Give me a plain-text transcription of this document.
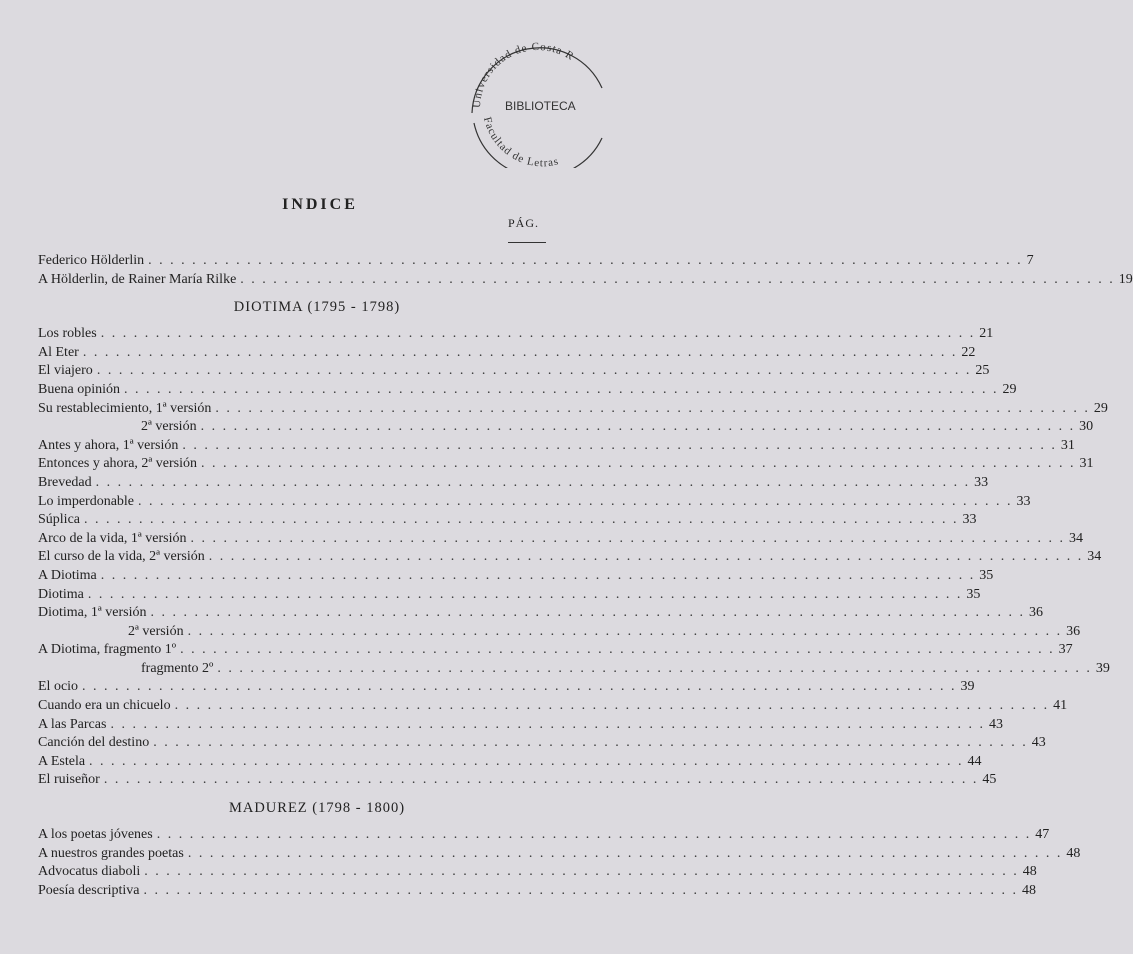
Universidad de Costa R
BIBLIOTECA
Facultad de Letras
INDICE
PÁG.
Federico Hölderlin . . . . . . . . . . . . . . . . . . . . . . . . . . . . . . . . . . . . . . . . . . . . . . . . . . . . . . . . . . . . . . . . . . . . . . . . . . . . . . . . 7
A Hölderlin, de Rainer María Rilke . . . . . . . . . . . . . . . . . . . . . . . . . . . . . . . . . . . . . . . . . . . . . . . . . . . . . . . . . . . . . . . . . . . . . . . . . . . . . . . . 19
DIOTIMA (1795 - 1798)
Los robles . . . . . . . . . . . . . . . . . . . . . . . . . . . . . . . . . . . . . . . . . . . . . . . . . . . . . . . . . . . . . . . . . . . . . . . . . . . . . . . . 21
Al Eter . . . . . . . . . . . . . . . . . . . . . . . . . . . . . . . . . . . . . . . . . . . . . . . . . . . . . . . . . . . . . . . . . . . . . . . . . . . . . . . . 22
El viajero . . . . . . . . . . . . . . . . . . . . . . . . . . . . . . . . . . . . . . . . . . . . . . . . . . . . . . . . . . . . . . . . . . . . . . . . . . . . . . . . 25
Buena opinión . . . . . . . . . . . . . . . . . . . . . . . . . . . . . . . . . . . . . . . . . . . . . . . . . . . . . . . . . . . . . . . . . . . . . . . . . . . . . . . . 29
Su restablecimiento, 1ª versión . . . . . . . . . . . . . . . . . . . . . . . . . . . . . . . . . . . . . . . . . . . . . . . . . . . . . . . . . . . . . . . . . . . . . . . . . . . . . . . . 29
2ª versión . . . . . . . . . . . . . . . . . . . . . . . . . . . . . . . . . . . . . . . . . . . . . . . . . . . . . . . . . . . . . . . . . . . . . . . . . . . . . . . . 30
Antes y ahora, 1ª versión . . . . . . . . . . . . . . . . . . . . . . . . . . . . . . . . . . . . . . . . . . . . . . . . . . . . . . . . . . . . . . . . . . . . . . . . . . . . . . . . 31
Entonces y ahora, 2ª versión . . . . . . . . . . . . . . . . . . . . . . . . . . . . . . . . . . . . . . . . . . . . . . . . . . . . . . . . . . . . . . . . . . . . . . . . . . . . . . . . 31
Brevedad . . . . . . . . . . . . . . . . . . . . . . . . . . . . . . . . . . . . . . . . . . . . . . . . . . . . . . . . . . . . . . . . . . . . . . . . . . . . . . . . 33
Lo imperdonable . . . . . . . . . . . . . . . . . . . . . . . . . . . . . . . . . . . . . . . . . . . . . . . . . . . . . . . . . . . . . . . . . . . . . . . . . . . . . . . . 33
Súplica . . . . . . . . . . . . . . . . . . . . . . . . . . . . . . . . . . . . . . . . . . . . . . . . . . . . . . . . . . . . . . . . . . . . . . . . . . . . . . . . 33
Arco de la vida, 1ª versión . . . . . . . . . . . . . . . . . . . . . . . . . . . . . . . . . . . . . . . . . . . . . . . . . . . . . . . . . . . . . . . . . . . . . . . . . . . . . . . . 34
El curso de la vida, 2ª versión . . . . . . . . . . . . . . . . . . . . . . . . . . . . . . . . . . . . . . . . . . . . . . . . . . . . . . . . . . . . . . . . . . . . . . . . . . . . . . . . 34
A Diotima . . . . . . . . . . . . . . . . . . . . . . . . . . . . . . . . . . . . . . . . . . . . . . . . . . . . . . . . . . . . . . . . . . . . . . . . . . . . . . . . 35
Diotima . . . . . . . . . . . . . . . . . . . . . . . . . . . . . . . . . . . . . . . . . . . . . . . . . . . . . . . . . . . . . . . . . . . . . . . . . . . . . . . . 35
Diotima, 1ª versión . . . . . . . . . . . . . . . . . . . . . . . . . . . . . . . . . . . . . . . . . . . . . . . . . . . . . . . . . . . . . . . . . . . . . . . . . . . . . . . . 36
2ª versión . . . . . . . . . . . . . . . . . . . . . . . . . . . . . . . . . . . . . . . . . . . . . . . . . . . . . . . . . . . . . . . . . . . . . . . . . . . . . . . . 36
A Diotima, fragmento 1º . . . . . . . . . . . . . . . . . . . . . . . . . . . . . . . . . . . . . . . . . . . . . . . . . . . . . . . . . . . . . . . . . . . . . . . . . . . . . . . . 37
fragmento 2º . . . . . . . . . . . . . . . . . . . . . . . . . . . . . . . . . . . . . . . . . . . . . . . . . . . . . . . . . . . . . . . . . . . . . . . . . . . . . . . . 39
El ocio . . . . . . . . . . . . . . . . . . . . . . . . . . . . . . . . . . . . . . . . . . . . . . . . . . . . . . . . . . . . . . . . . . . . . . . . . . . . . . . . 39
Cuando era un chicuelo . . . . . . . . . . . . . . . . . . . . . . . . . . . . . . . . . . . . . . . . . . . . . . . . . . . . . . . . . . . . . . . . . . . . . . . . . . . . . . . . 41
A las Parcas . . . . . . . . . . . . . . . . . . . . . . . . . . . . . . . . . . . . . . . . . . . . . . . . . . . . . . . . . . . . . . . . . . . . . . . . . . . . . . . . 43
Canción del destino . . . . . . . . . . . . . . . . . . . . . . . . . . . . . . . . . . . . . . . . . . . . . . . . . . . . . . . . . . . . . . . . . . . . . . . . . . . . . . . . 43
A Estela . . . . . . . . . . . . . . . . . . . . . . . . . . . . . . . . . . . . . . . . . . . . . . . . . . . . . . . . . . . . . . . . . . . . . . . . . . . . . . . . 44
El ruiseñor . . . . . . . . . . . . . . . . . . . . . . . . . . . . . . . . . . . . . . . . . . . . . . . . . . . . . . . . . . . . . . . . . . . . . . . . . . . . . . . . 45
MADUREZ (1798 - 1800)
A los poetas jóvenes . . . . . . . . . . . . . . . . . . . . . . . . . . . . . . . . . . . . . . . . . . . . . . . . . . . . . . . . . . . . . . . . . . . . . . . . . . . . . . . . 47
A nuestros grandes poetas . . . . . . . . . . . . . . . . . . . . . . . . . . . . . . . . . . . . . . . . . . . . . . . . . . . . . . . . . . . . . . . . . . . . . . . . . . . . . . . . 48
Advocatus diaboli . . . . . . . . . . . . . . . . . . . . . . . . . . . . . . . . . . . . . . . . . . . . . . . . . . . . . . . . . . . . . . . . . . . . . . . . . . . . . . . . 48
Poesía descriptiva . . . . . . . . . . . . . . . . . . . . . . . . . . . . . . . . . . . . . . . . . . . . . . . . . . . . . . . . . . . . . . . . . . . . . . . . . . . . . . . . 48
